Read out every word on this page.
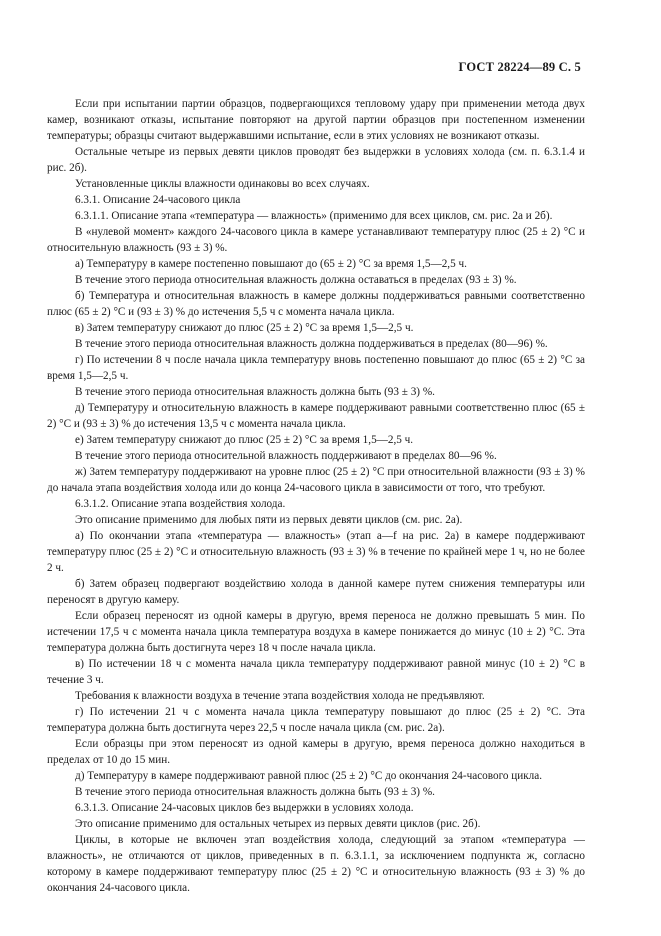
ГОСТ 28224—89 С. 5

Если при испытании партии образцов, подвергающихся тепловому удару при применении метода двух камер, возникают отказы, испытание повторяют на другой партии образцов при постепенном изменении температуры; образцы считают выдержавшими испытание, если в этих условиях не возникают отказы.

Остальные четыре из первых девяти циклов проводят без выдержки в условиях холода (см. п. 6.3.1.4 и рис. 2б).

Установленные циклы влажности одинаковы во всех случаях.

6.3.1. Описание 24-часового цикла

6.3.1.1. Описание этапа «температура — влажность» (применимо для всех циклов, см. рис. 2а и 2б).

В «нулевой момент» каждого 24-часового цикла в камере устанавливают температуру плюс (25 ± 2) °С и относительную влажность (93 ± 3) %.

а) Температуру в камере постепенно повышают до (65 ± 2) °С за время 1,5—2,5 ч.

В течение этого периода относительная влажность должна оставаться в пределах (93 ± 3) %.

б) Температура и относительная влажность в камере должны поддерживаться равными соответственно плюс (65 ± 2) °С и (93 ± 3) % до истечения 5,5 ч с момента начала цикла.

в) Затем температуру снижают до плюс (25 ± 2) °С за время 1,5—2,5 ч.

В течение этого периода относительная влажность должна поддерживаться в пределах (80—96) %.

г) По истечении 8 ч после начала цикла температуру вновь постепенно повышают до плюс (65 ± 2) °С за время 1,5—2,5 ч.

В течение этого периода относительная влажность должна быть (93 ± 3) %.

д) Температуру и относительную влажность в камере поддерживают равными соответственно плюс (65 ± 2) °С и (93 ± 3) % до истечения 13,5 ч с момента начала цикла.

е) Затем температуру снижают до плюс (25 ± 2) °С за время 1,5—2,5 ч.

В течение этого периода относительной влажность поддерживают в пределах 80—96 %.

ж) Затем температуру поддерживают на уровне плюс (25 ± 2) °С при относительной влажности (93 ± 3) % до начала этапа воздействия холода или до конца 24-часового цикла в зависимости от того, что требуют.

6.3.1.2. Описание этапа воздействия холода.

Это описание применимо для любых пяти из первых девяти циклов (см. рис. 2а).

а) По окончании этапа «температура — влажность» (этап a—f на рис. 2а) в камере поддерживают температуру плюс (25 ± 2) °С и относительную влажность (93 ± 3) % в течение по крайней мере 1 ч, но не более 2 ч.

б) Затем образец подвергают воздействию холода в данной камере путем снижения температуры или переносят в другую камеру.

Если образец переносят из одной камеры в другую, время переноса не должно превышать 5 мин. По истечении 17,5 ч с момента начала цикла температура воздуха в камере понижается до минус (10 ± 2) °С. Эта температура должна быть достигнута через 18 ч после начала цикла.

в) По истечении 18 ч с момента начала цикла температуру поддерживают равной минус (10 ± 2) °С в течение 3 ч.

Требования к влажности воздуха в течение этапа воздействия холода не предъявляют.

г) По истечении 21 ч с момента начала цикла температуру повышают до плюс (25 ± 2) °С. Эта температура должна быть достигнута через 22,5 ч после начала цикла (см. рис. 2а).

Если образцы при этом переносят из одной камеры в другую, время переноса должно находиться в пределах от 10 до 15 мин.

д) Температуру в камере поддерживают равной плюс (25 ± 2) °С до окончания 24-часового цикла.

В течение этого периода относительная влажность должна быть (93 ± 3) %.

6.3.1.3. Описание 24-часовых циклов без выдержки в условиях холода.

Это описание применимо для остальных четырех из первых девяти циклов (рис. 2б).

Циклы, в которые не включен этап воздействия холода, следующий за этапом «температура — влажность», не отличаются от циклов, приведенных в п. 6.3.1.1, за исключением подпункта ж, согласно которому в камере поддерживают температуру плюс (25 ± 2) °С и относительную влажность (93 ± 3) % до окончания 24-часового цикла.
